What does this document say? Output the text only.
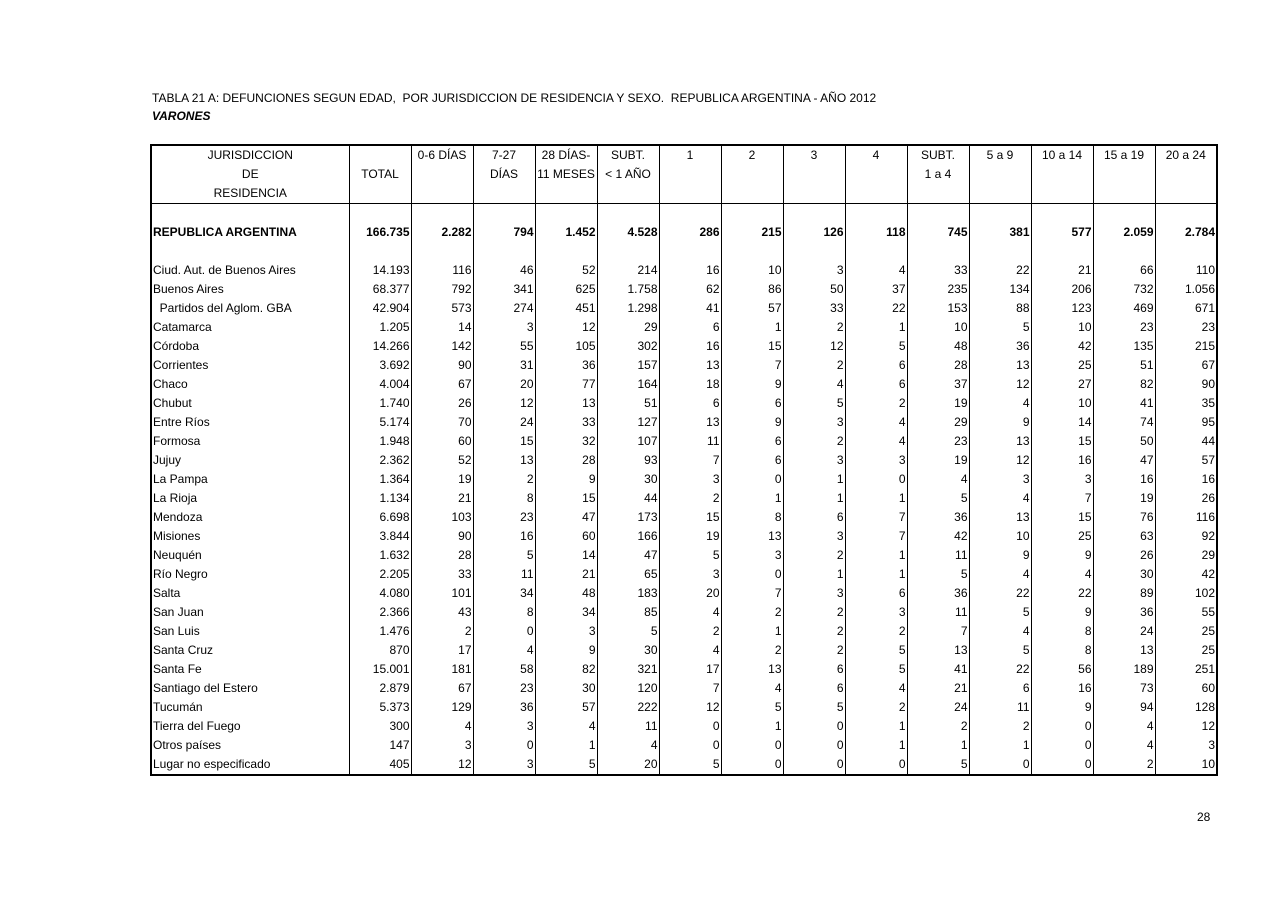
TABLA 21 A: DEFUNCIONES SEGUN EDAD,  POR JURISDICCION DE RESIDENCIA Y SEXO.  REPUBLICA ARGENTINA - AÑO 2012
VARONES
JURISDICCION		0-6 DÍAS	7-27	28 DÍAS-	SUBT.	1	2	3	4	SUBT.	5 a 9	10 a 14	15 a 19	20 a 24
DE	TOTAL		DÍAS	11 MESES	< 1 AÑO					1 a 4				
RESIDENCIA														

REPUBLICA ARGENTINA	166.735	2.282	794	1.452	4.528	286	215	126	118	745	381	577	2.059	2.784

Ciud. Aut. de Buenos Aires	14.193	116	46	52	214	16	10	3	4	33	22	21	66	110
Buenos Aires	68.377	792	341	625	1.758	62	86	50	37	235	134	206	732	1.056
Partidos del Aglom. GBA	42.904	573	274	451	1.298	41	57	33	22	153	88	123	469	671
Catamarca	1.205	14	3	12	29	6	1	2	1	10	5	10	23	23
Córdoba	14.266	142	55	105	302	16	15	12	5	48	36	42	135	215
Corrientes	3.692	90	31	36	157	13	7	2	6	28	13	25	51	67
Chaco	4.004	67	20	77	164	18	9	4	6	37	12	27	82	90
Chubut	1.740	26	12	13	51	6	6	5	2	19	4	10	41	35
Entre Ríos	5.174	70	24	33	127	13	9	3	4	29	9	14	74	95
Formosa	1.948	60	15	32	107	11	6	2	4	23	13	15	50	44
Jujuy	2.362	52	13	28	93	7	6	3	3	19	12	16	47	57
La Pampa	1.364	19	2	9	30	3	0	1	0	4	3	3	16	16
La Rioja	1.134	21	8	15	44	2	1	1	1	5	4	7	19	26
Mendoza	6.698	103	23	47	173	15	8	6	7	36	13	15	76	116
Misiones	3.844	90	16	60	166	19	13	3	7	42	10	25	63	92
Neuquén	1.632	28	5	14	47	5	3	2	1	11	9	9	26	29
Río Negro	2.205	33	11	21	65	3	0	1	1	5	4	4	30	42
Salta	4.080	101	34	48	183	20	7	3	6	36	22	22	89	102
San Juan	2.366	43	8	34	85	4	2	2	3	11	5	9	36	55
San Luis	1.476	2	0	3	5	2	1	2	2	7	4	8	24	25
Santa Cruz	870	17	4	9	30	4	2	2	5	13	5	8	13	25
Santa Fe	15.001	181	58	82	321	17	13	6	5	41	22	56	189	251
Santiago del Estero	2.879	67	23	30	120	7	4	6	4	21	6	16	73	60
Tucumán	5.373	129	36	57	222	12	5	5	2	24	11	9	94	128
Tierra del Fuego	300	4	3	4	11	0	1	0	1	2	2	0	4	12
Otros países	147	3	0	1	4	0	0	0	1	1	1	0	4	3
Lugar no especificado	405	12	3	5	20	5	0	0	0	5	0	0	2	10
28
